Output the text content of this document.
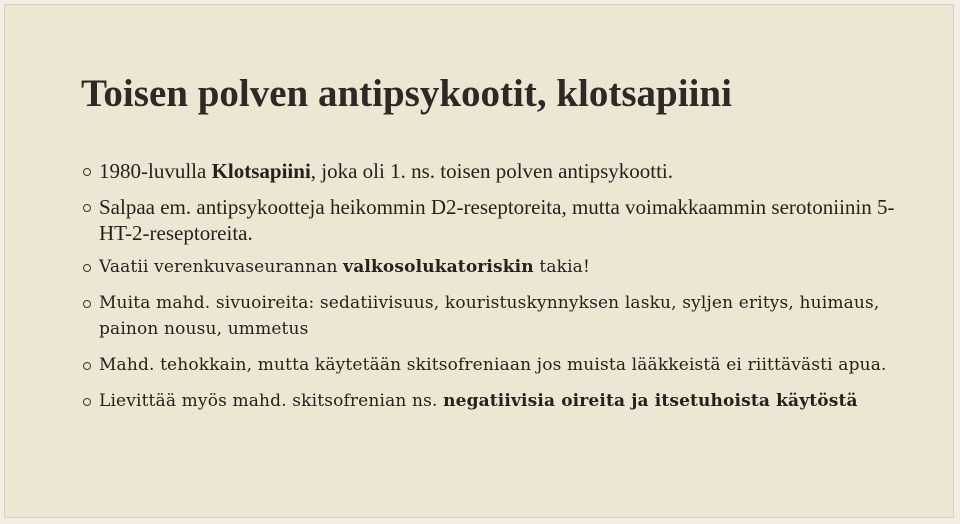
Toisen polven antipsykootit, klotsapiini
1980-luvulla Klotsapiini, joka oli 1. ns. toisen polven antipsykootti.
Salpaa em. antipsykootteja heikommin D2-reseptoreita, mutta voimakkaammin serotoniinin 5-HT-2-reseptoreita.
Vaatii verenkuvaseurannan valkosolukatoriskin takia!
Muita mahd. sivuoireita: sedatiivisuus, kouristuskynnyksen lasku, syljen eritys, huimaus, painon nousu, ummetus
Mahd. tehokkain, mutta käytetään skitsofreniaan jos muista lääkkeistä ei riittävästi apua.
Lievittää myös mahd. skitsofrenian ns. negatiivisia oireita ja itsetuhoista käytöstä
